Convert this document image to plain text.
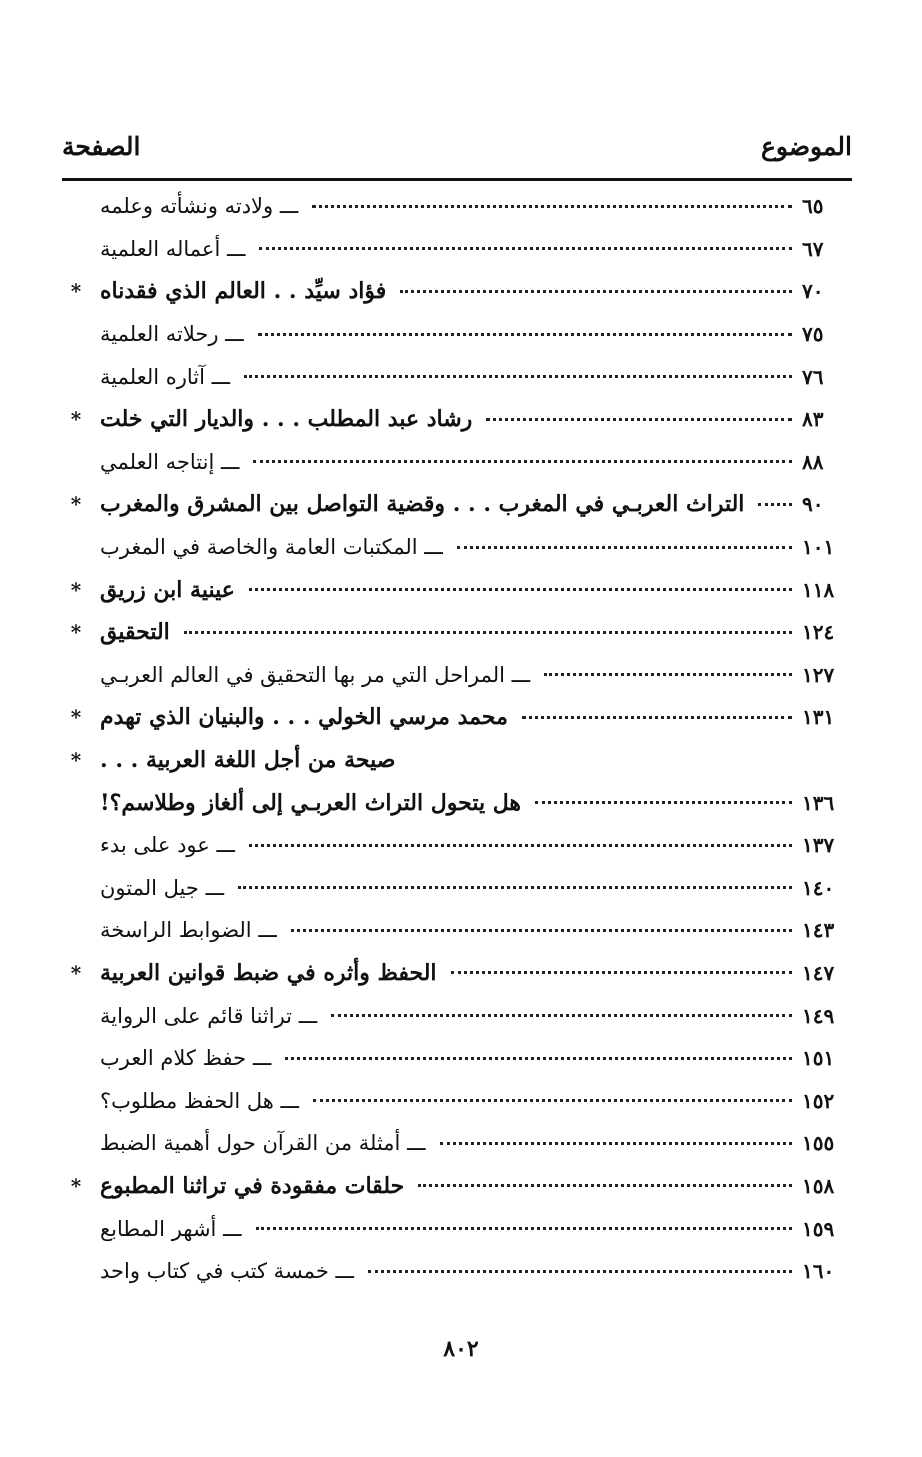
الموضوع
الصفحة
ـــ ولادته ونشأته وعلمه	٦٥
ـــ أعماله العلمية	٦٧
* فؤاد سيِّد . . العالم الذي فقدناه	٧٠
ـــ رحلاته العلمية	٧٥
ـــ آثاره العلمية	٧٦
* رشاد عبد المطلب . . . والديار التي خلت	٨٣
ـــ إنتاجه العلمي	٨٨
* التراث العربـي في المغرب . . . وقضية التواصل بين المشرق والمغرب	٩٠
ـــ المكتبات العامة والخاصة في المغرب	١٠١
* عينية ابن زريق	١١٨
* التحقيق	١٢٤
ـــ المراحل التي مر بها التحقيق في العالم العربـي	١٢٧
* محمد مرسي الخولي . . . والبنيان الذي تهدم	١٣١
* صيحة من أجل اللغة العربية . . .
هل يتحول التراث العربـي إلى ألغاز وطلاسم؟!	١٣٦
ـــ عود على بدء	١٣٧
ـــ جيل المتون	١٤٠
ـــ الضوابط الراسخة	١٤٣
* الحفظ وأثره في ضبط قوانين العربية	١٤٧
ـــ تراثنا قائم على الرواية	١٤٩
ـــ حفظ كلام العرب	١٥١
ـــ هل الحفظ مطلوب؟	١٥٢
ـــ أمثلة من القرآن حول أهمية الضبط	١٥٥
* حلقات مفقودة في تراثنا المطبوع	١٥٨
ـــ أشهر المطابع	١٥٩
ـــ خمسة كتب في كتاب واحد	١٦٠
٨٠٢
